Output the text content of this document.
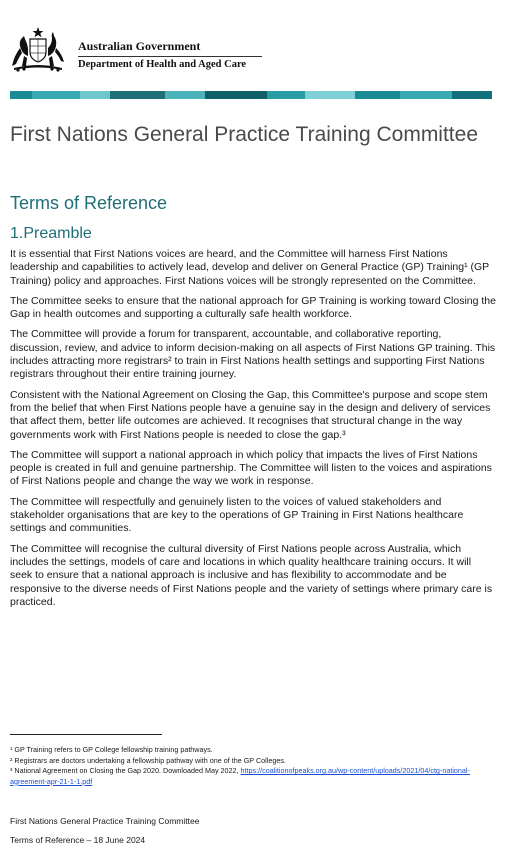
Australian Government
Department of Health and Aged Care
First Nations General Practice Training Committee
Terms of Reference
1.Preamble

It is essential that First Nations voices are heard, and the Committee will harness First Nations leadership and capabilities to actively lead, develop and deliver on General Practice (GP) Training¹ (GP Training) policy and approaches. First Nations voices will be strongly represented on the Committee.

The Committee seeks to ensure that the national approach for GP Training is working toward Closing the Gap in health outcomes and supporting a culturally safe health workforce.

The Committee will provide a forum for transparent, accountable, and collaborative reporting, discussion, review, and advice to inform decision-making on all aspects of First Nations GP training. This includes attracting more registrars² to train in First Nations health settings and supporting First Nations registrars throughout their entire training journey.

Consistent with the National Agreement on Closing the Gap, this Committee's purpose and scope stem from the belief that when First Nations people have a genuine say in the design and delivery of services that affect them, better life outcomes are achieved. It recognises that structural change in the way governments work with First Nations people is needed to close the gap.³

The Committee will support a national approach in which policy that impacts the lives of First Nations people is created in full and genuine partnership. The Committee will listen to the voices and aspirations of First Nations people and change the way we work in response.

The Committee will respectfully and genuinely listen to the voices of valued stakeholders and stakeholder organisations that are key to the operations of GP Training in First Nations healthcare settings and communities.

The Committee will recognise the cultural diversity of First Nations people across Australia, which includes the settings, models of care and locations in which quality healthcare training occurs. It will seek to ensure that a national approach is inclusive and has flexibility to accommodate and be responsive to the diverse needs of First Nations people and the variety of settings where primary care is practiced.

¹ GP Training refers to GP College fellowship training pathways.
² Registrars are doctors undertaking a fellowship pathway with one of the GP Colleges.
³ National Agreement on Closing the Gap 2020. Downloaded May 2022, https://coalitionofpeaks.org.au/wp-content/uploads/2021/04/ctg-national-agreement-apr-21-1-1.pdf
First Nations General Practice Training Committee
Terms of Reference – 18 June 2024
